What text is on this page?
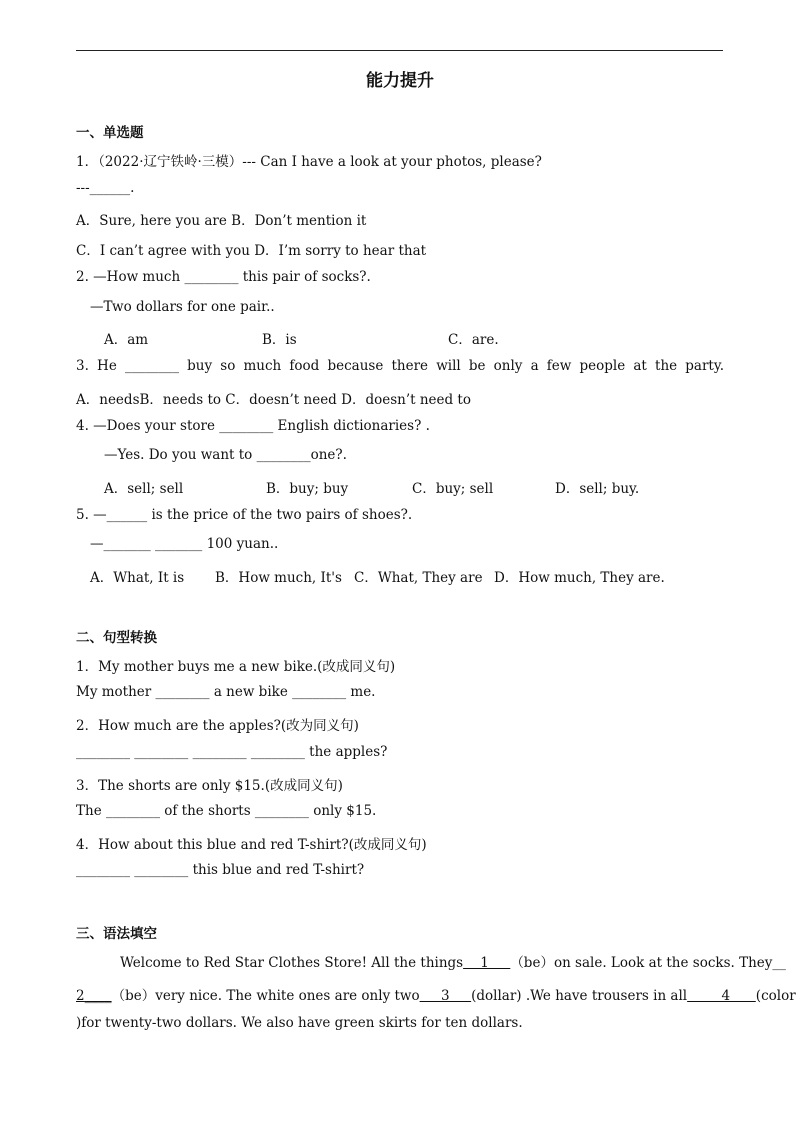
能力提升
一、单选题
1．（2022·辽宁铁岭·三模）--- Can I have a look at your photos, please?
---______.
A．Sure, here you are B．Don’t mention it
C．I can’t agree with you D．I’m sorry to hear that
2. —How much ________ this pair of socks?.
—Two dollars for one pair..
A．am	B．is	C．are.
3. He ________ buy so much food because there will be only a few people at the party.
A．needsB．needs to C．doesn’t need D．doesn’t need to
4. —Does your store ________ English dictionaries? .
—Yes. Do you want to ________one?.
A．sell; sell	B．buy; buy	C．buy; sell	D．sell; buy.
5. —______ is the price of the two pairs of shoes?.
—_______ _______ 100 yuan..
A．What, It is B．How much, It's C．What, They are D．How much, They are.
二、句型转换
1．My mother buys me a new bike.(改成同义句)
My mother ________ a new bike ________ me.
2．How much are the apples?(改为同义句)
________ ________ ________ ________ the apples?
3．The shorts are only $15.(改成同义句)
The ________ of the shorts ________ only $15.
4．How about this blue and red T-shirt?(改成同义句)
________ ________ this blue and red T-shirt?
三、语法填空
Welcome to Red Star Clothes Store! All the things    1     （be）on sale. Look at the socks. They__
2____（be）very nice. The white ones are only two     3     (dollar) .We have trousers in all        4      (color
)for twenty-two dollars. We also have green skirts for ten dollars.
